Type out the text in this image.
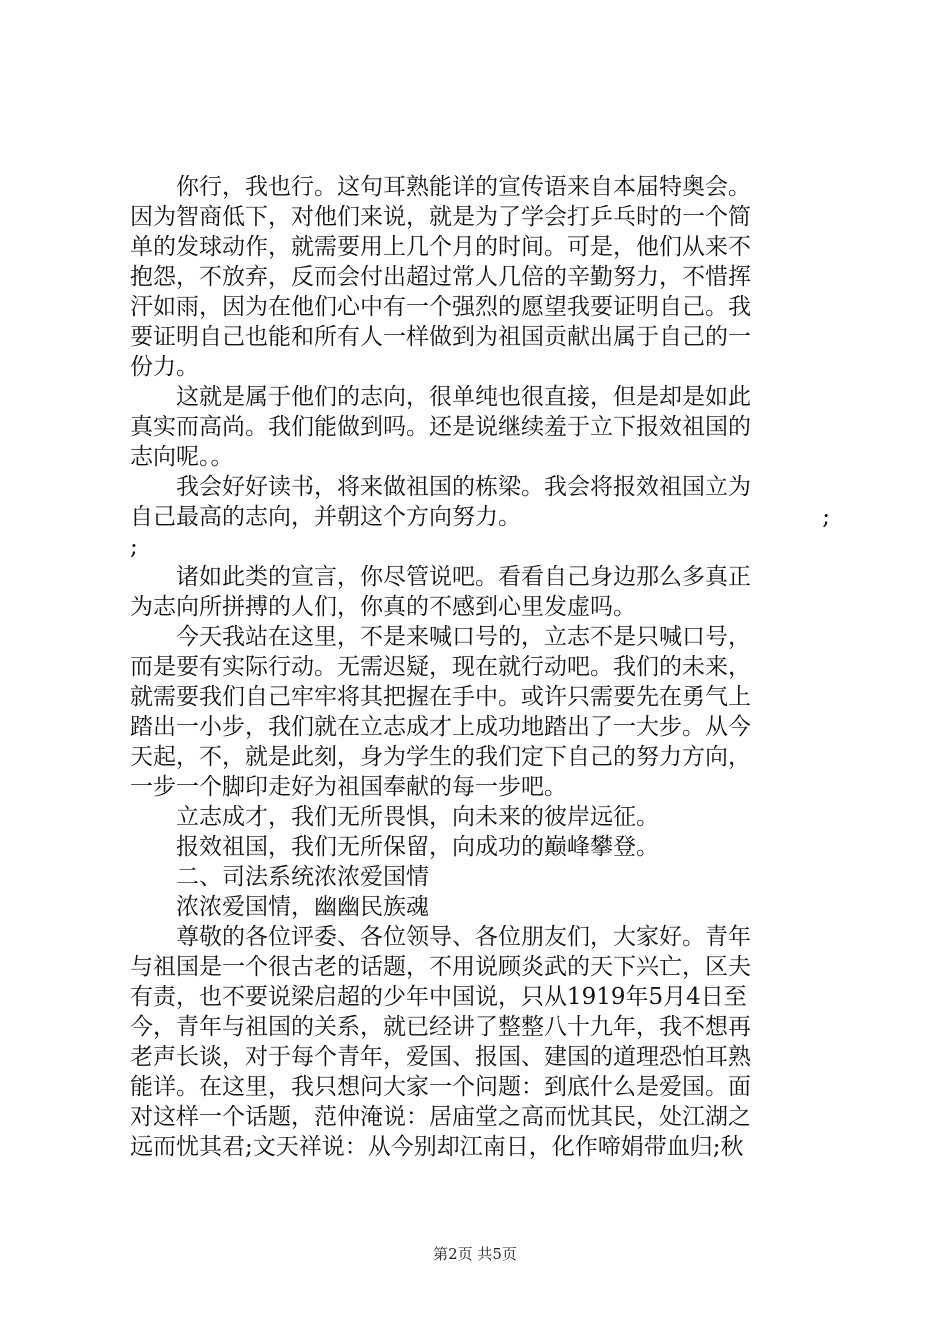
　　你行，我也行。这句耳熟能详的宣传语来自本届特奥会。
因为智商低下，对他们来说，就是为了学会打乒乓时的一个简
单的发球动作，就需要用上几个月的时间。可是，他们从来不
抱怨，不放弃，反而会付出超过常人几倍的辛勤努力，不惜挥
汗如雨，因为在他们心中有一个强烈的愿望我要证明自己。我
要证明自己也能和所有人一样做到为祖国贡献出属于自己的一
份力。
　　这就是属于他们的志向，很单纯也很直接，但是却是如此
真实而高尚。我们能做到吗。还是说继续羞于立下报效祖国的
志向呢。。
　　我会好好读书，将来做祖国的栋梁。我会将报效祖国立为
自己最高的志向，并朝这个方向努力。	;
;
　　诸如此类的宣言，你尽管说吧。看看自己身边那么多真正
为志向所拼搏的人们，你真的不感到心里发虚吗。
　　今天我站在这里，不是来喊口号的，立志不是只喊口号，
而是要有实际行动。无需迟疑，现在就行动吧。我们的未来，
就需要我们自己牢牢将其把握在手中。或许只需要先在勇气上
踏出一小步，我们就在立志成才上成功地踏出了一大步。从今
天起，不，就是此刻，身为学生的我们定下自己的努力方向，
一步一个脚印走好为祖国奉献的每一步吧。
　　立志成才，我们无所畏惧，向未来的彼岸远征。
　　报效祖国，我们无所保留，向成功的巅峰攀登。
　　二、司法系统浓浓爱国情
　　浓浓爱国情，幽幽民族魂
　　尊敬的各位评委、各位领导、各位朋友们，大家好。青年
与祖国是一个很古老的话题，不用说顾炎武的天下兴亡，区夫
有责，也不要说梁启超的少年中国说，只从1919年5月4日至
今，青年与祖国的关系，就已经讲了整整八十九年，我不想再
老声长谈，对于每个青年，爱国、报国、建国的道理恐怕耳熟
能详。在这里，我只想问大家一个问题：到底什么是爱国。面
对这样一个话题，范仲淹说：居庙堂之高而忧其民，处江湖之
远而忧其君;文天祥说：从今别却江南日，化作啼娟带血归;秋
第2页 共5页
